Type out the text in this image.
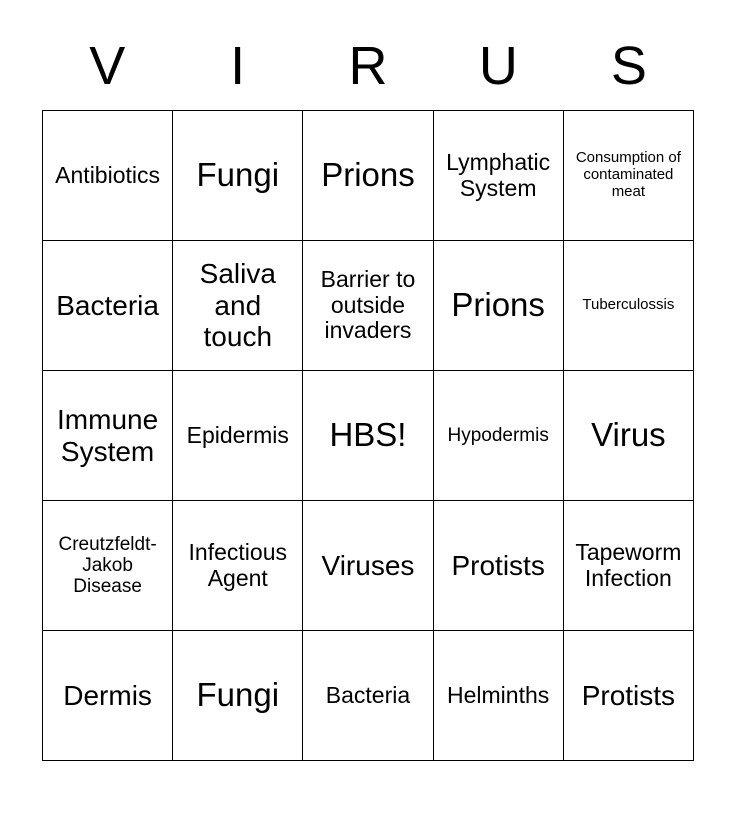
V	I	R	U	S
Antibiotics	Fungi	Prions	Lymphatic System	Consumption of contaminated meat
Bacteria	Saliva and touch	Barrier to outside invaders	Prions	Tuberculossis
Immune System	Epidermis	HBS!	Hypodermis	Virus
Creutzfeldt-Jakob Disease	Infectious Agent	Viruses	Protists	Tapeworm Infection
Dermis	Fungi	Bacteria	Helminths	Protists
